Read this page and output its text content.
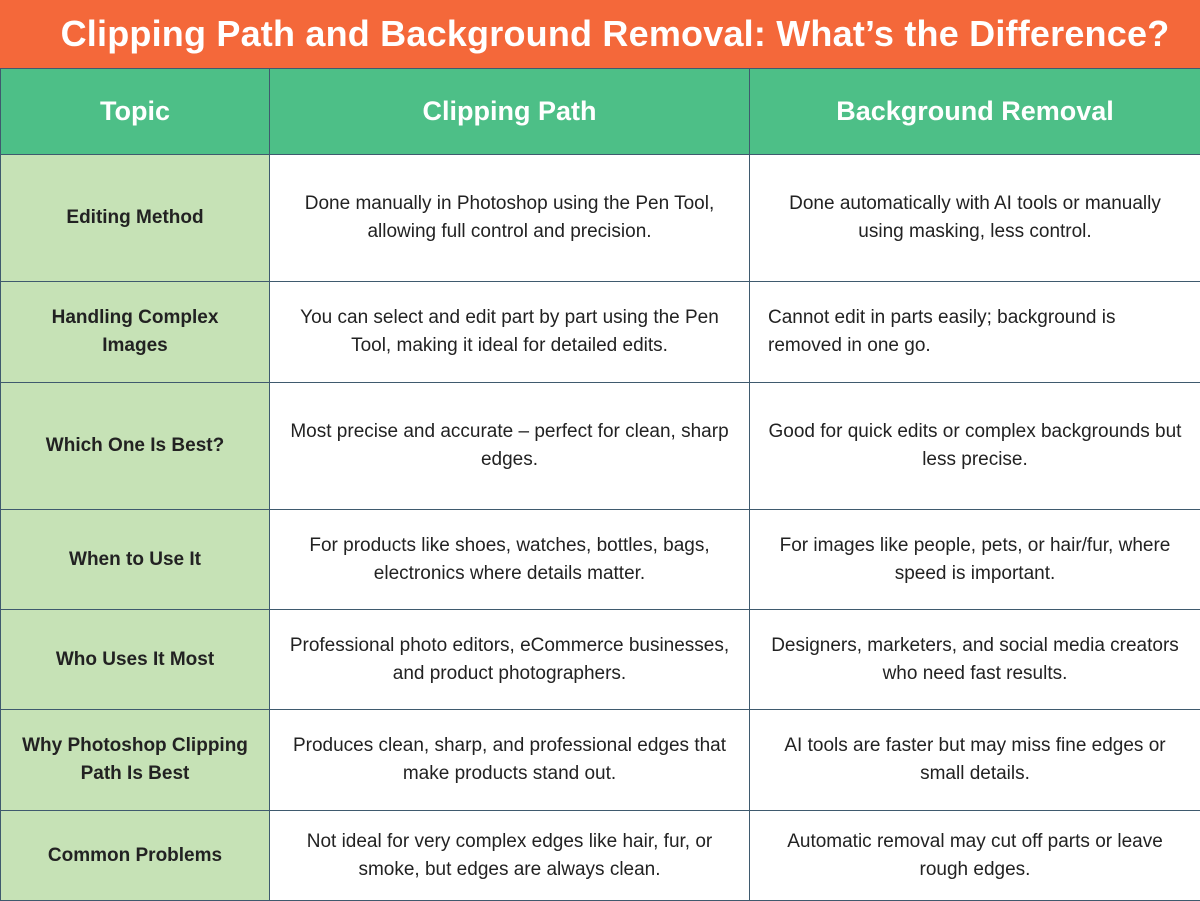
Clipping Path and Background Removal: What’s the Difference?
Topic	Clipping Path	Background Removal
Editing Method	Done manually in Photoshop using the Pen Tool, allowing full control and precision.	Done automatically with AI tools or manually using masking, less control.
Handling Complex Images	You can select and edit part by part using the Pen Tool, making it ideal for detailed edits.	Cannot edit in parts easily; background is removed in one go.
Which One Is Best?	Most precise and accurate – perfect for clean, sharp edges.	Good for quick edits or complex backgrounds but less precise.
When to Use It	For products like shoes, watches, bottles, bags, electronics where details matter.	For images like people, pets, or hair/fur, where speed is important.
Who Uses It Most	Professional photo editors, eCommerce businesses, and product photographers.	Designers, marketers, and social media creators who need fast results.
Why Photoshop Clipping Path Is Best	Produces clean, sharp, and professional edges that make products stand out.	AI tools are faster but may miss fine edges or small details.
Common Problems	Not ideal for very complex edges like hair, fur, or smoke, but edges are always clean.	Automatic removal may cut off parts or leave rough edges.
